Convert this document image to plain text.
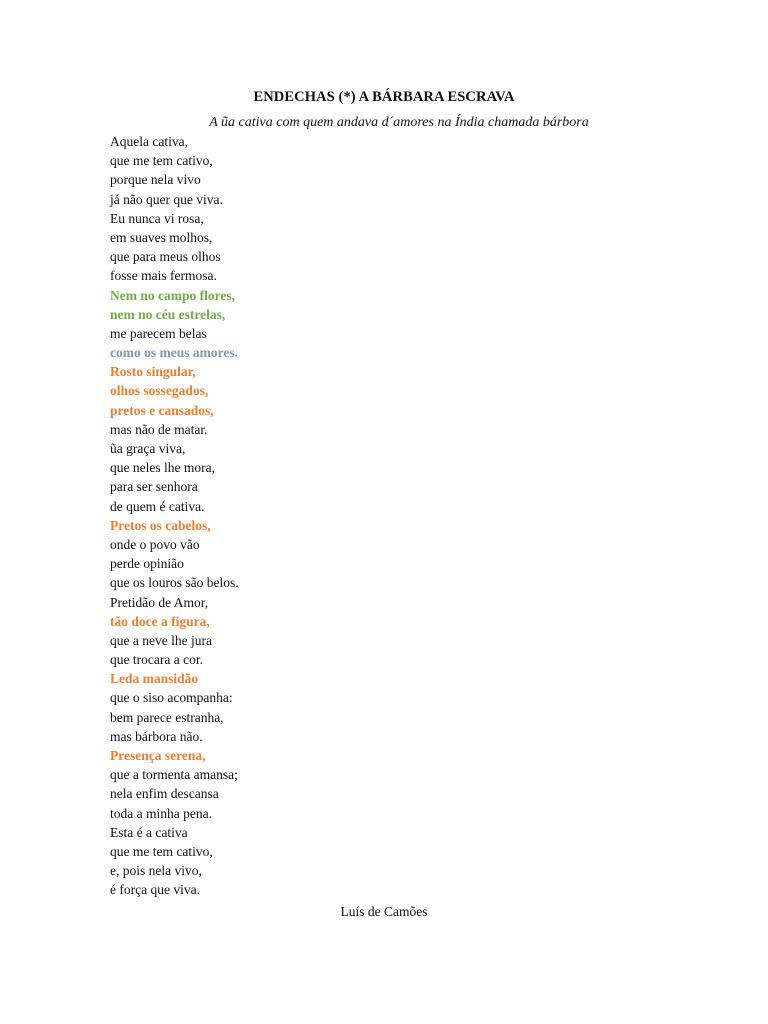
ENDECHAS (*) A BÁRBARA ESCRAVA
A ũa cativa com quem andava d´amores na Índia chamada bárbora
Aquela cativa,
que me tem cativo,
porque nela vivo
já não quer que viva.
Eu nunca vi rosa,
em suaves molhos,
que para meus olhos
fosse mais fermosa.
Nem no campo flores,
nem no céu estrelas,
me parecem belas
como os meus amores.
Rosto singular,
olhos sossegados,
pretos e cansados,
mas não de matar.
ũa graça viva,
que neles lhe mora,
para ser senhora
de quem é cativa.
Pretos os cabelos,
onde o povo vão
perde opinião
que os louros são belos.
Pretidão de Amor,
tão doce a figura,
que a neve lhe jura
que trocara a cor.
Leda mansidão
que o siso acompanha:
bem parece estranha,
mas bárbora não.
Presença serena,
que a tormenta amansa;
nela enfim descansa
toda a minha pena.
Esta é a cativa
que me tem cativo,
e, pois nela vivo,
é força que viva.
Luís de Camões
